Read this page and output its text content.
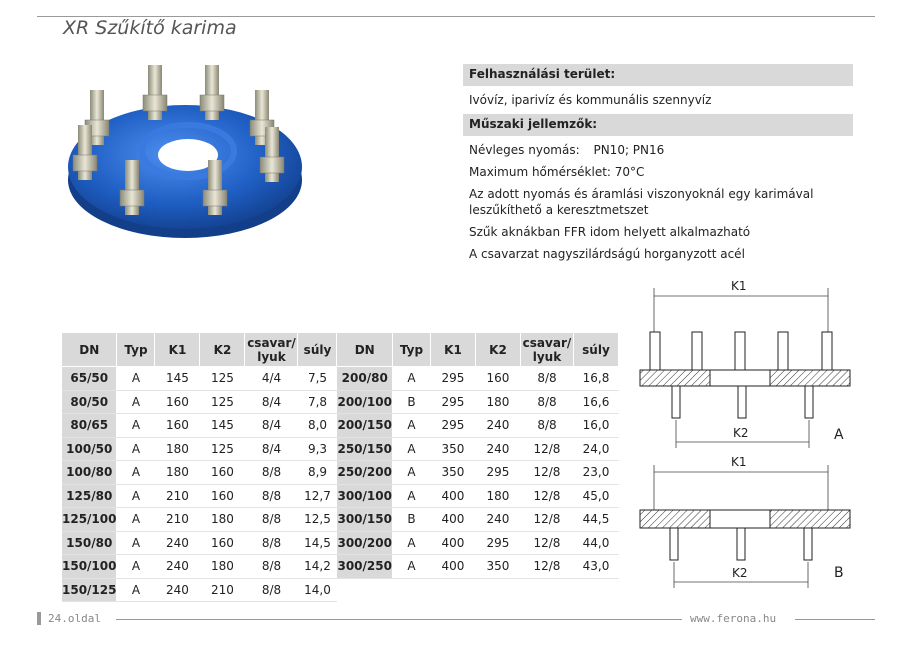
XR Szűkítő karima
Felhasználási terület:
Ivóvíz, iparivíz és kommunális szennyvíz
Műszaki jellemzők:
Névleges nyomás: PN10; PN16
Maximum hőmérséklet: 70°C
Az adott nyomás és áramlási viszonyoknál egy karimával
leszűkíthető a keresztmetszet
Szűk aknákban FFR idom helyett alkalmazható
A csavarzat nagyszilárdságú horganyzott acél
DN	Typ	K1	K2	csavar/
lyuk	súly	DN	Typ	K1	K2	csavar/
lyuk	súly
65/50	A	145	125	4/4	7,5	200/80	A	295	160	8/8	16,8
80/50	A	160	125	8/4	7,8	200/100	B	295	180	8/8	16,6
80/65	A	160	145	8/4	8,0	200/150	A	295	240	8/8	16,0
100/50	A	180	125	8/4	9,3	250/150	A	350	240	12/8	24,0
100/80	A	180	160	8/8	8,9	250/200	A	350	295	12/8	23,0
125/80	A	210	160	8/8	12,7	300/100	A	400	180	12/8	45,0
125/100	A	210	180	8/8	12,5	300/150	B	400	240	12/8	44,5
150/80	A	240	160	8/8	14,5	300/200	A	400	295	12/8	44,0
150/100	A	240	180	8/8	14,2	300/250	A	400	350	12/8	43,0
150/125	A	240	210	8/8	14,0						
K1
K2	A
K1
K2	B
24.oldal	www.ferona.hu
